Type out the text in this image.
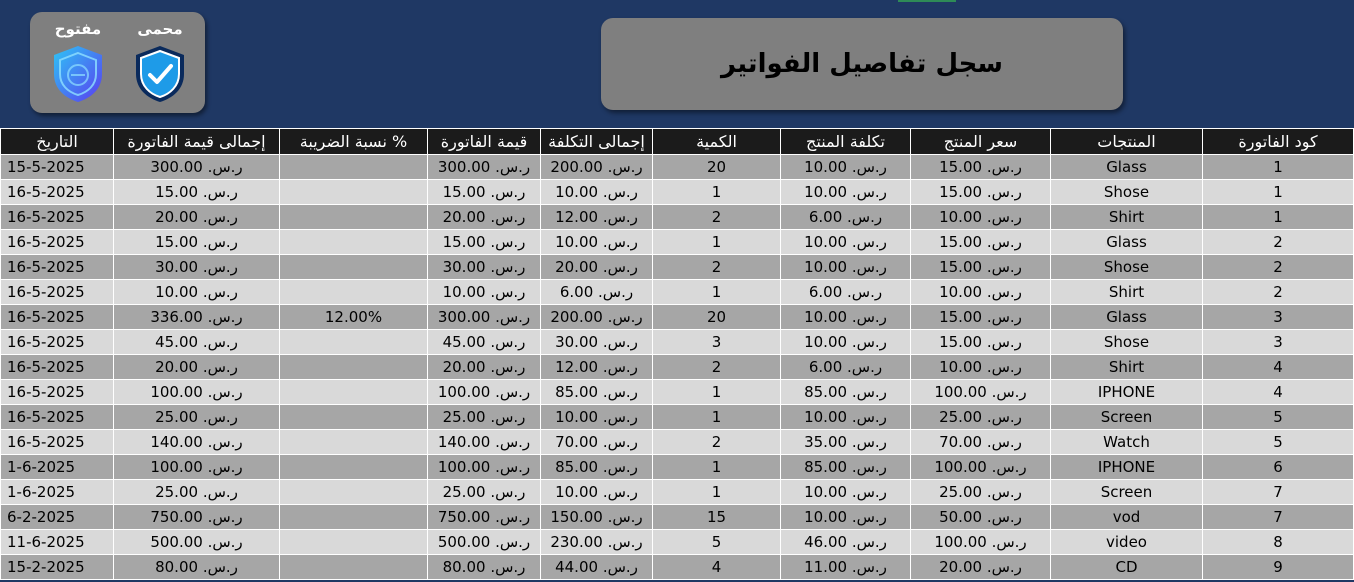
مفتوح	محمى
سجل تفاصيل الفواتير
التاريخ	إجمالى قيمة الفاتورة	نسبة الضريبة %	قيمة الفاتورة	إجمالى التكلفة	الكمية	تكلفة المنتج	سعر المنتج	المنتجات	كود الفاتورة
15-5-2025	ر.س. 300.00		ر.س. 300.00	ر.س. 200.00	20	ر.س. 10.00	ر.س. 15.00	Glass	1
16-5-2025	ر.س. 15.00		ر.س. 15.00	ر.س. 10.00	1	ر.س. 10.00	ر.س. 15.00	Shose	1
16-5-2025	ر.س. 20.00		ر.س. 20.00	ر.س. 12.00	2	ر.س. 6.00	ر.س. 10.00	Shirt	1
16-5-2025	ر.س. 15.00		ر.س. 15.00	ر.س. 10.00	1	ر.س. 10.00	ر.س. 15.00	Glass	2
16-5-2025	ر.س. 30.00		ر.س. 30.00	ر.س. 20.00	2	ر.س. 10.00	ر.س. 15.00	Shose	2
16-5-2025	ر.س. 10.00		ر.س. 10.00	ر.س. 6.00	1	ر.س. 6.00	ر.س. 10.00	Shirt	2
16-5-2025	ر.س. 336.00	12.00%	ر.س. 300.00	ر.س. 200.00	20	ر.س. 10.00	ر.س. 15.00	Glass	3
16-5-2025	ر.س. 45.00		ر.س. 45.00	ر.س. 30.00	3	ر.س. 10.00	ر.س. 15.00	Shose	3
16-5-2025	ر.س. 20.00		ر.س. 20.00	ر.س. 12.00	2	ر.س. 6.00	ر.س. 10.00	Shirt	4
16-5-2025	ر.س. 100.00		ر.س. 100.00	ر.س. 85.00	1	ر.س. 85.00	ر.س. 100.00	IPHONE	4
16-5-2025	ر.س. 25.00		ر.س. 25.00	ر.س. 10.00	1	ر.س. 10.00	ر.س. 25.00	Screen	5
16-5-2025	ر.س. 140.00		ر.س. 140.00	ر.س. 70.00	2	ر.س. 35.00	ر.س. 70.00	Watch	5
1-6-2025	ر.س. 100.00		ر.س. 100.00	ر.س. 85.00	1	ر.س. 85.00	ر.س. 100.00	IPHONE	6
1-6-2025	ر.س. 25.00		ر.س. 25.00	ر.س. 10.00	1	ر.س. 10.00	ر.س. 25.00	Screen	7
6-2-2025	ر.س. 750.00		ر.س. 750.00	ر.س. 150.00	15	ر.س. 10.00	ر.س. 50.00	vod	7
11-6-2025	ر.س. 500.00		ر.س. 500.00	ر.س. 230.00	5	ر.س. 46.00	ر.س. 100.00	video	8
15-2-2025	ر.س. 80.00		ر.س. 80.00	ر.س. 44.00	4	ر.س. 11.00	ر.س. 20.00	CD	9
